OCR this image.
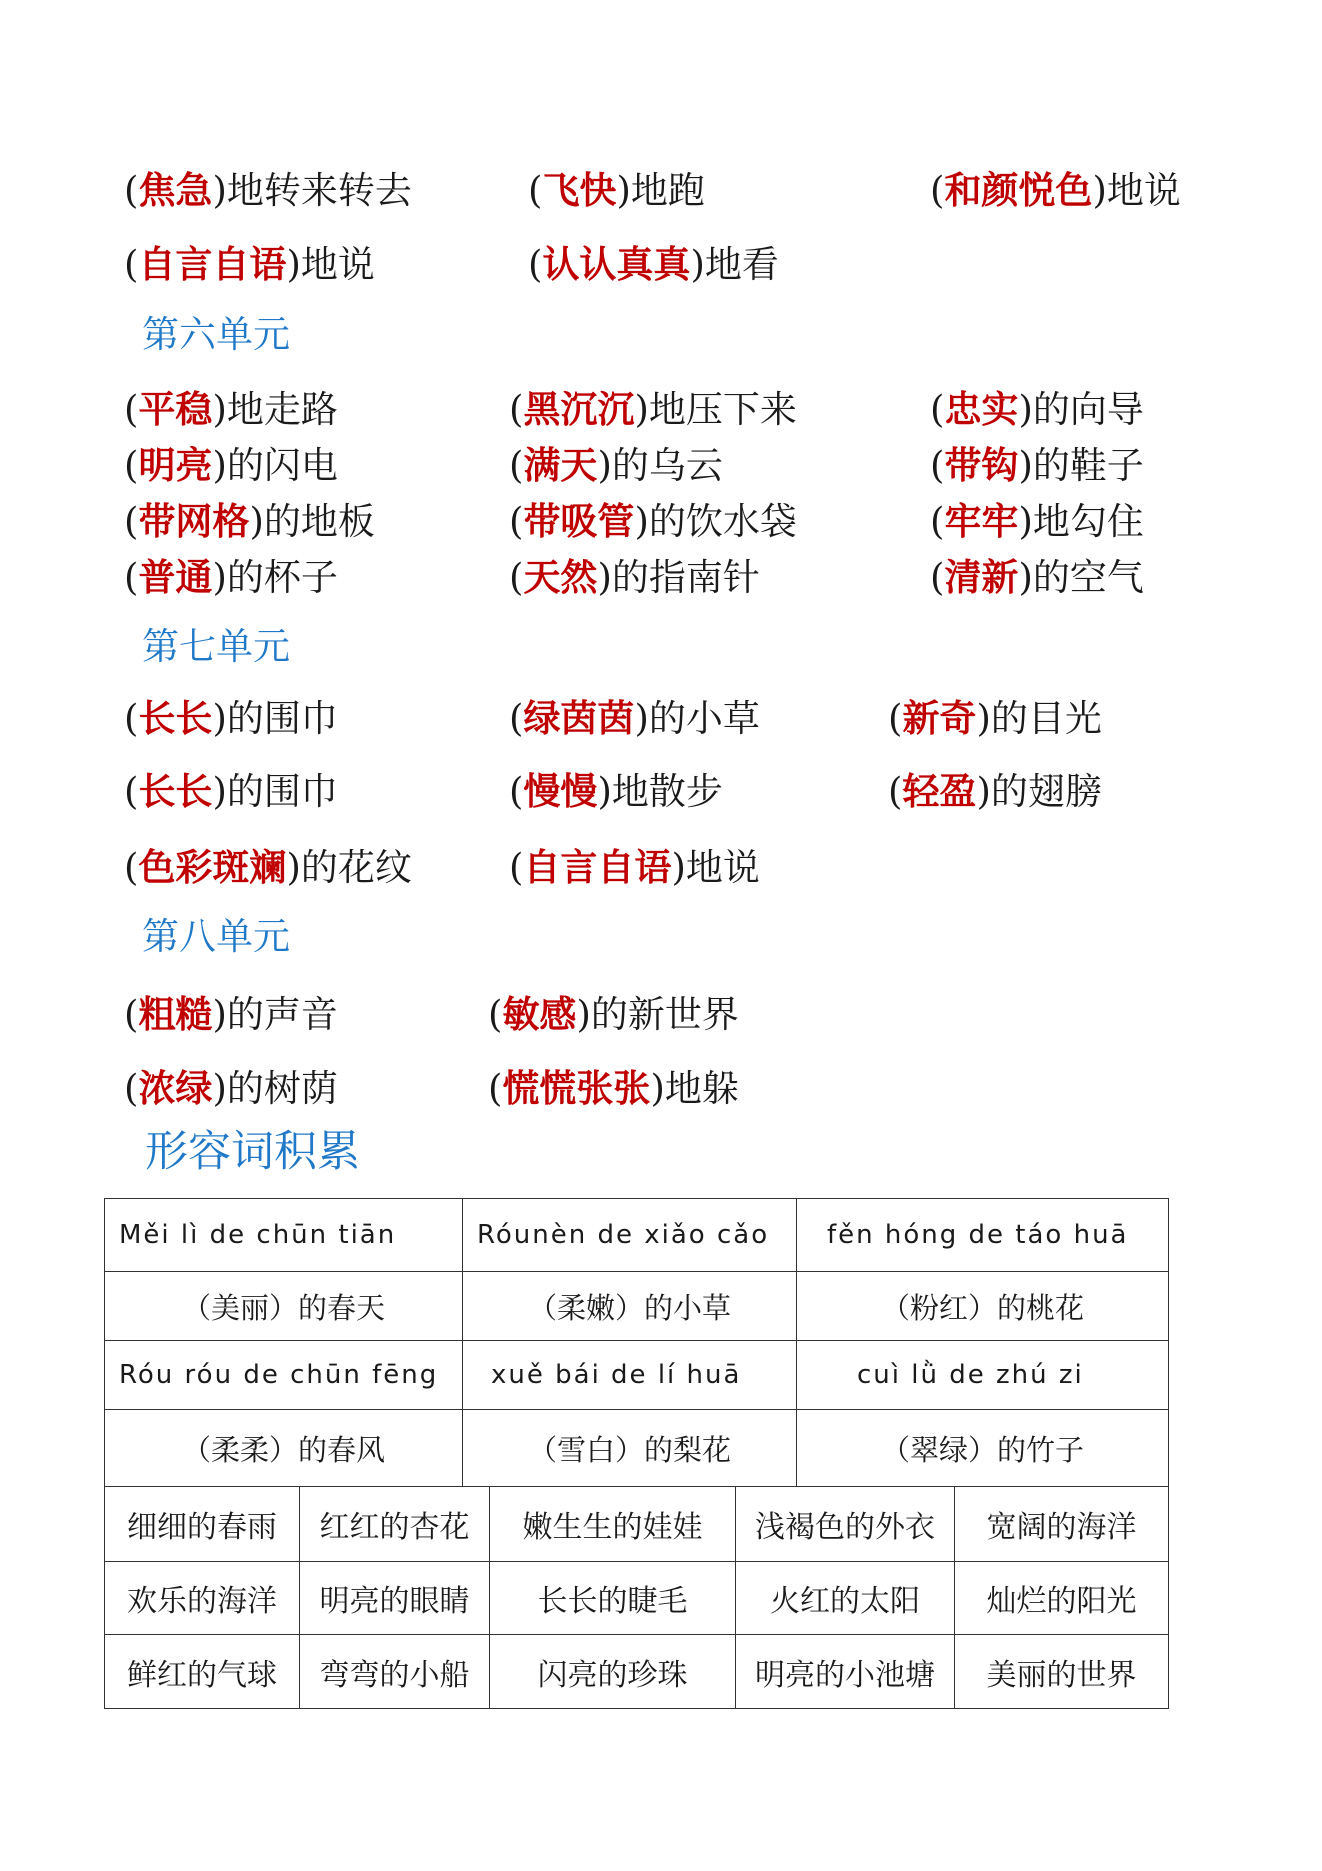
(焦急)地转来转去	(飞快)地跑	(和颜悦色)地说
(自言自语)地说	(认认真真)地看
第六单元
(平稳)地走路	(黑沉沉)地压下来	(忠实)的向导
(明亮)的闪电	(满天)的乌云	(带钩)的鞋子
(带网格)的地板	(带吸管)的饮水袋	(牢牢)地勾住
(普通)的杯子	(天然)的指南针	(清新)的空气
第七单元
(长长)的围巾	(绿茵茵)的小草	(新奇)的目光
(长长)的围巾	(慢慢)地散步	(轻盈)的翅膀
(色彩斑斓)的花纹	(自言自语)地说
第八单元
(粗糙)的声音	(敏感)的新世界
(浓绿)的树荫	(慌慌张张)地躲
形容词积累
Měi lì de chūn tiān	Róunèn de xiǎo cǎo	fěn hóng de táo huā
（美丽）的春天	（柔嫩）的小草	（粉红）的桃花
Róu róu de chūn fēng	xuě bái de lí huā	cuì lǜ de zhú zi
（柔柔）的春风	（雪白）的梨花	（翠绿）的竹子
细细的春雨	红红的杏花	嫩生生的娃娃	浅褐色的外衣	宽阔的海洋
欢乐的海洋	明亮的眼睛	长长的睫毛	火红的太阳	灿烂的阳光
鲜红的气球	弯弯的小船	闪亮的珍珠	明亮的小池塘	美丽的世界
